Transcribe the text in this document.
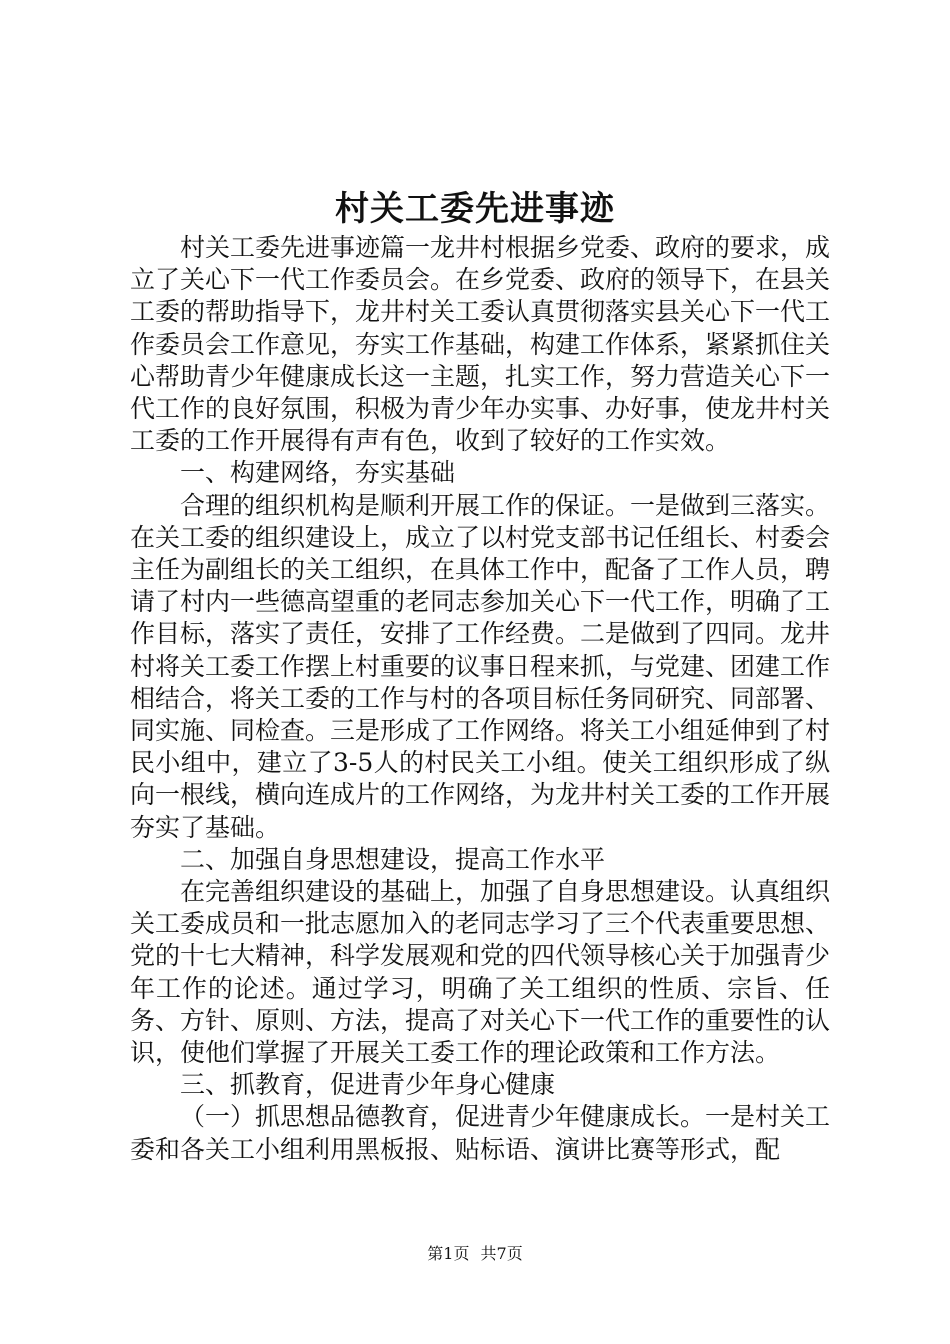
村关工委先进事迹

村关工委先进事迹篇一龙井村根据乡党委、政府的要求，成立了关心下一代工作委员会。在乡党委、政府的领导下，在县关工委的帮助指导下，龙井村关工委认真贯彻落实县关心下一代工作委员会工作意见，夯实工作基础，构建工作体系，紧紧抓住关心帮助青少年健康成长这一主题，扎实工作，努力营造关心下一代工作的良好氛围，积极为青少年办实事、办好事，使龙井村关工委的工作开展得有声有色，收到了较好的工作实效。

一、构建网络，夯实基础

合理的组织机构是顺利开展工作的保证。一是做到三落实。在关工委的组织建设上，成立了以村党支部书记任组长、村委会主任为副组长的关工组织，在具体工作中，配备了工作人员，聘请了村内一些德高望重的老同志参加关心下一代工作，明确了工作目标，落实了责任，安排了工作经费。二是做到了四同。龙井村将关工委工作摆上村重要的议事日程来抓，与党建、团建工作相结合，将关工委的工作与村的各项目标任务同研究、同部署、同实施、同检查。三是形成了工作网络。将关工小组延伸到了村民小组中，建立了3-5人的村民关工小组。使关工组织形成了纵向一根线，横向连成片的工作网络，为龙井村关工委的工作开展夯实了基础。

二、加强自身思想建设，提高工作水平

在完善组织建设的基础上，加强了自身思想建设。认真组织关工委成员和一批志愿加入的老同志学习了三个代表重要思想、党的十七大精神，科学发展观和党的四代领导核心关于加强青少年工作的论述。通过学习，明确了关工组织的性质、宗旨、任务、方针、原则、方法，提高了对关心下一代工作的重要性的认识，使他们掌握了开展关工委工作的理论政策和工作方法。

三、抓教育，促进青少年身心健康

（一）抓思想品德教育，促进青少年健康成长。一是村关工委和各关工小组利用黑板报、贴标语、演讲比赛等形式，配

第1页 共7页
